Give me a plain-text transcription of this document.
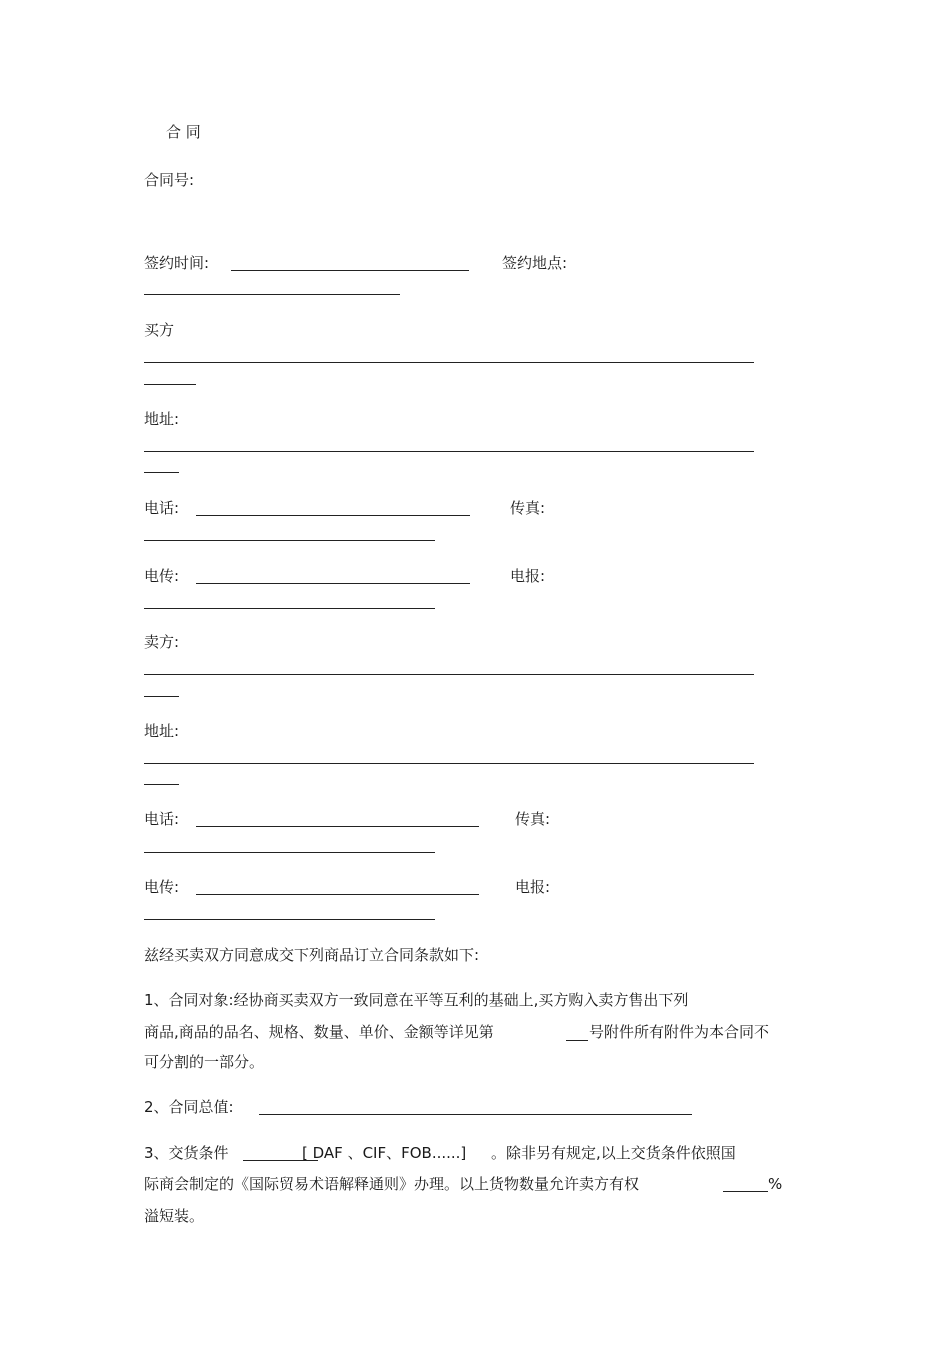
合 同
合同号:
签约时间:	签约地点:
买方
地址:
电话:	传真:
电传:	电报:
卖方:
地址:
电话:	传真:
电传:	电报:
兹经买卖双方同意成交下列商品订立合同条款如下:
1、合同对象:经协商买卖双方一致同意在平等互利的基础上,买方购入卖方售出下列
商品,商品的品名、规格、数量、单价、金额等详见第	号附件所有附件为本合同不
可分割的一部分。
2、合同总值:
3、交货条件	[ DAF 、CIF、FOB......] 。除非另有规定,以上交货条件依照国
际商会制定的《国际贸易术语解释通则》办理。以上货物数量允许卖方有权	%
溢短装。
